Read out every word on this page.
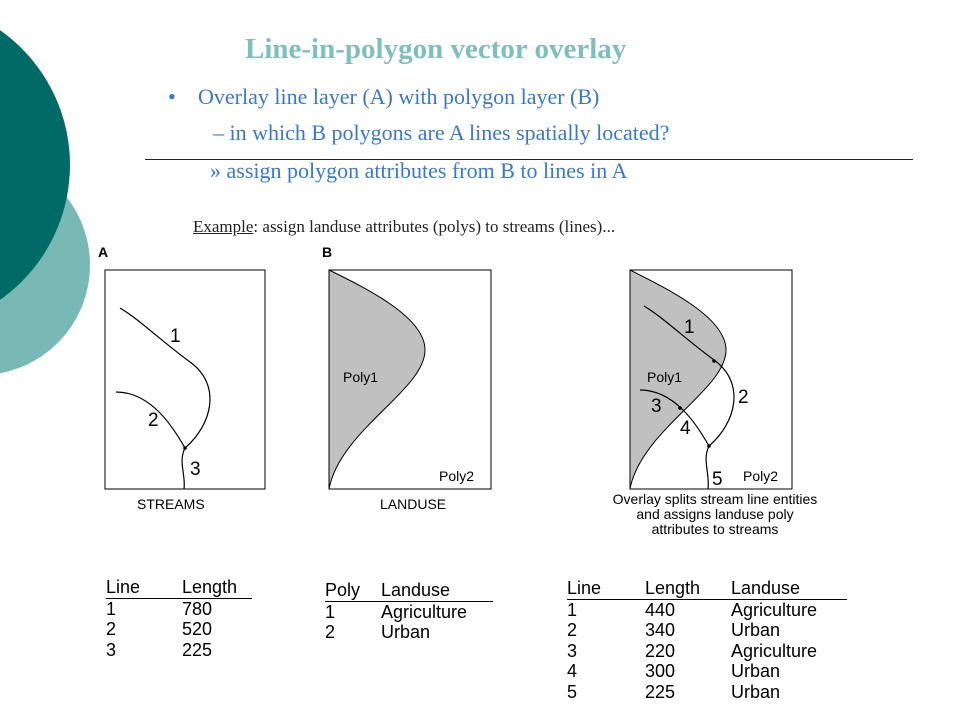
Line-in-polygon vector overlay
• Overlay line layer (A) with polygon layer (B)
– in which B polygons are A lines spatially located?
» assign polygon attributes from B to lines in A
Example: assign landuse attributes (polys) to streams (lines)...
A	B
1
2
3
STREAMS
Poly1
Poly2
LANDUSE
Poly1
Poly2
1
2
3
4
5
Overlay splits stream line entities and assigns landuse poly attributes to streams
Line	Length
1	780
2	520
3	225
Poly	Landuse
1	Agriculture
2	Urban
Line	Length	Landuse
1	440	Agriculture
2	340	Urban
3	220	Agriculture
4	300	Urban
5	225	Urban
